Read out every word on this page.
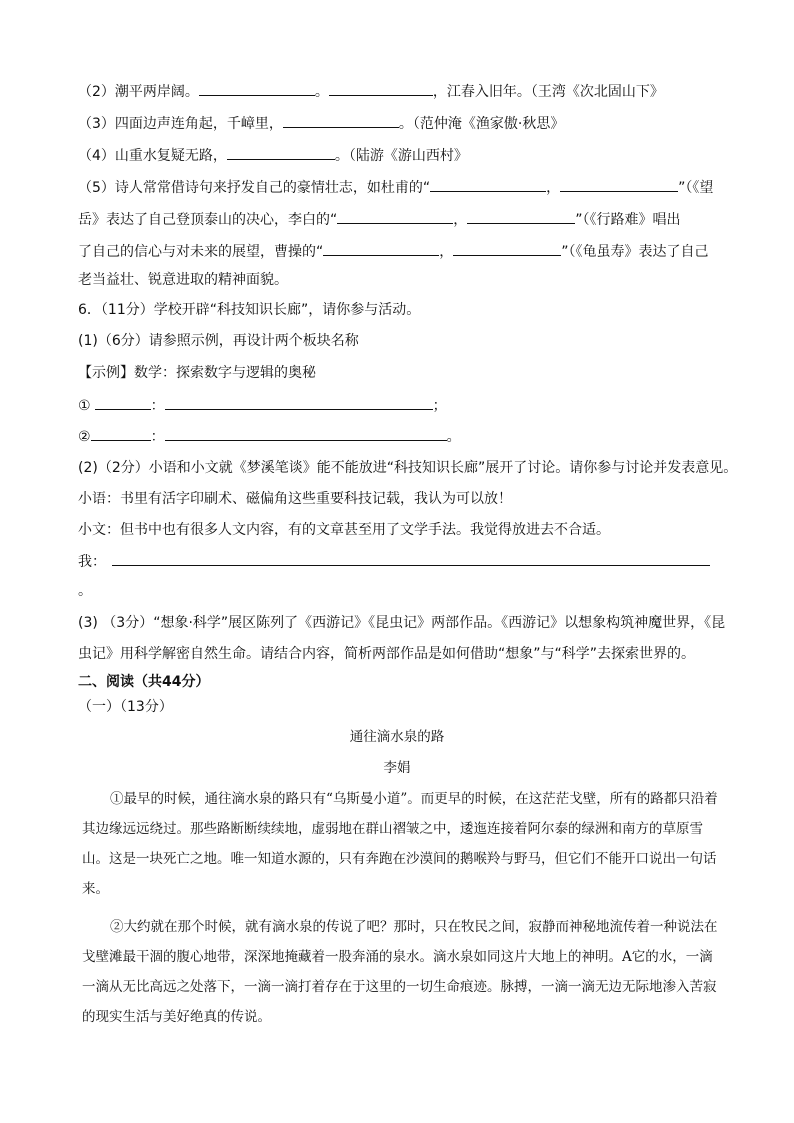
（2）潮平两岸阔。	。	，江春入旧年。（王湾《次北固山下》
（3）四面边声连角起，千嶂里，	。（范仲淹《渔家傲·秋思》
（4）山重水复疑无路，	。（陆游《游山西村》
（5）诗人常常借诗句来抒发自己的豪情壮志，如杜甫的“	，	”（《望
岳》表达了自己登顶泰山的决心，李白的“	，	”（《行路难》唱出
了自己的信心与对未来的展望，曹操的“	，	”（《龟虽寿》表达了自己
老当益壮、锐意进取的精神面貌。
6．（11分）学校开辟“科技知识长廊”，请你参与活动。
(1)（6分）请参照示例，再设计两个板块名称
【示例】数学：探索数字与逻辑的奥秘
①	：	；
②	：	。
(2)（2分）小语和小文就《梦溪笔谈》能不能放进“科技知识长廊”展开了讨论。请你参与讨论并发表意见。
小语：书里有活字印刷术、磁偏角这些重要科技记载，我认为可以放！
小文：但书中也有很多人文内容，有的文章甚至用了文学手法。我觉得放进去不合适。
我：
。
(3) （3分）“想象·科学”展区陈列了《西游记》《昆虫记》两部作品。《西游记》以想象构筑神魔世界，《昆
虫记》用科学解密自然生命。请结合内容，简析两部作品是如何借助“想象”与“科学”去探索世界的。
二、阅读（共44分）
（一）（13分）
通往滴水泉的路
李娟
①最早的时候，通往滴水泉的路只有“乌斯曼小道”。而更早的时候，在这茫茫戈壁，所有的路都只沿着其边缘远远绕过。那些路断断续续地，虚弱地在群山褶皱之中，逶迤连接着阿尔泰的绿洲和南方的草原雪山。这是一块死亡之地。唯一知道水源的，只有奔跑在沙漠间的鹅喉羚与野马，但它们不能开口说出一句话来。
②大约就在那个时候，就有滴水泉的传说了吧？那时，只在牧民之间，寂静而神秘地流传着一种说法在戈壁滩最干涸的腹心地带，深深地掩藏着一股奔涌的泉水。滴水泉如同这片大地上的神明。A它的水，一滴一滴从无比高远之处落下，一滴一滴打着存在于这里的一切生命痕迹。脉搏，一滴一滴无边无际地渗入苦寂的现实生活与美好绝真的传说。
